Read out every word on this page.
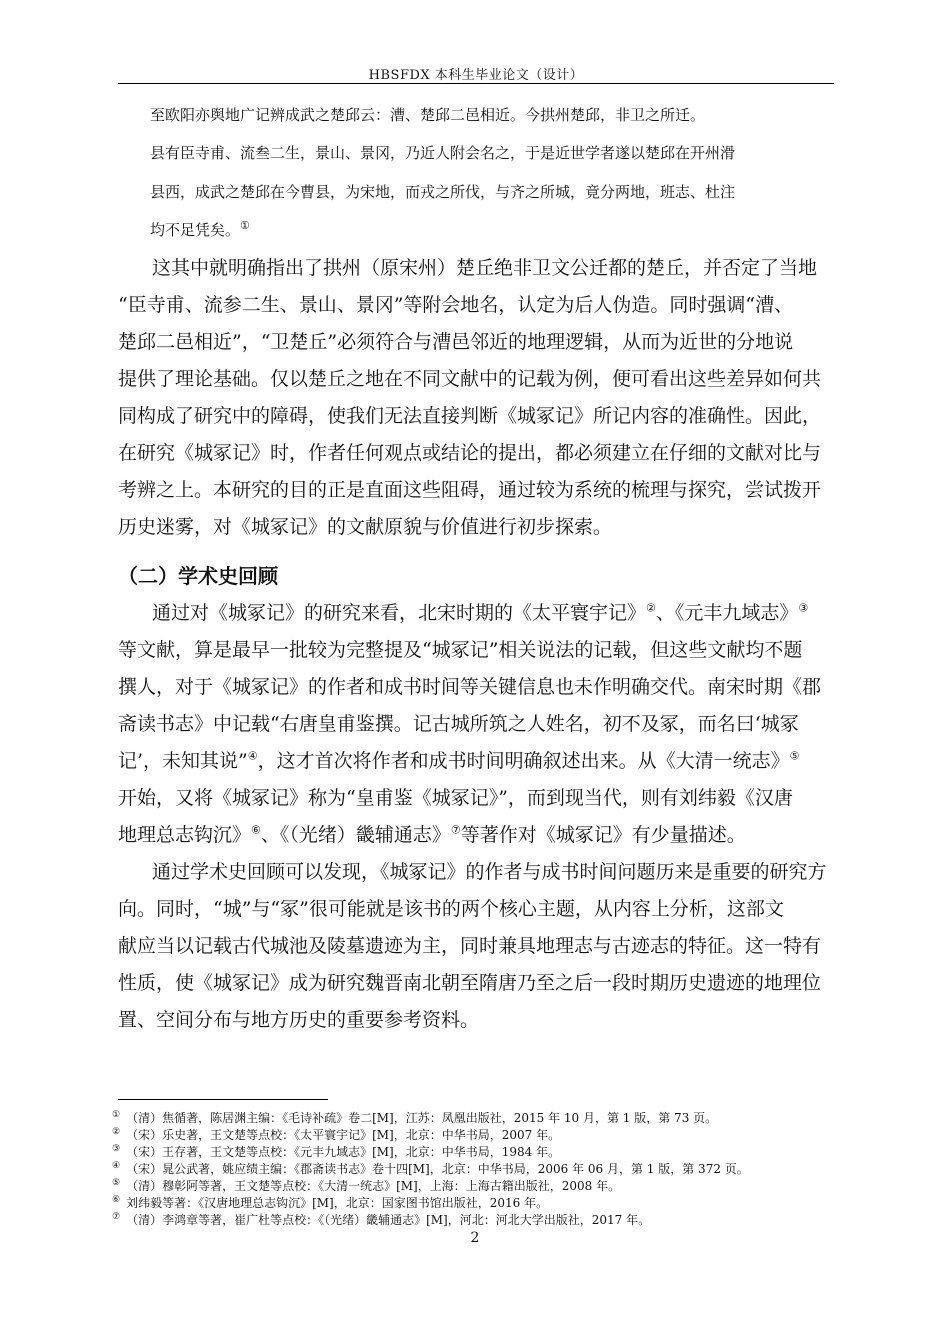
HBSFDX 本科生毕业论文（设计）
至欧阳亦舆地广记辨成武之楚邱云：漕、楚邱二邑相近。今拱州楚邱，非卫之所迁。
县有臣寺甫、流叁二生，景山、景冈，乃近人附会名之，于是近世学者遂以楚邱在开州滑
县西，成武之楚邱在今曹县，为宋地，而戎之所伐，与齐之所城，竟分两地，班志、杜注
均不足凭矣。①
这其中就明确指出了拱州（原宋州）楚丘绝非卫文公迁都的楚丘，并否定了当地
“臣寺甫、流参二生、景山、景冈”等附会地名，认定为后人伪造。同时强调“漕、
楚邱二邑相近”，“卫楚丘”必须符合与漕邑邻近的地理逻辑，从而为近世的分地说
提供了理论基础。仅以楚丘之地在不同文献中的记载为例，便可看出这些差异如何共
同构成了研究中的障碍，使我们无法直接判断《城冢记》所记内容的准确性。因此，
在研究《城冢记》时，作者任何观点或结论的提出，都必须建立在仔细的文献对比与
考辨之上。本研究的目的正是直面这些阻碍，通过较为系统的梳理与探究，尝试拨开
历史迷雾，对《城冢记》的文献原貌与价值进行初步探索。
（二）学术史回顾
通过对《城冢记》的研究来看，北宋时期的《太平寰宇记》②、《元丰九域志》③
等文献，算是最早一批较为完整提及“城冢记”相关说法的记载，但这些文献均不题
撰人，对于《城冢记》的作者和成书时间等关键信息也未作明确交代。南宋时期《郡
斋读书志》中记载“右唐皇甫鉴撰。记古城所筑之人姓名，初不及冢，而名曰‘城冢
记’，未知其说”④，这才首次将作者和成书时间明确叙述出来。从《大清一统志》⑤
开始，又将《城冢记》称为“皇甫鉴《城冢记》”，而到现当代，则有刘纬毅《汉唐
地理总志钩沉》⑥、《（光绪）畿辅通志》⑦等著作对《城冢记》有少量描述。
通过学术史回顾可以发现，《城冢记》的作者与成书时间问题历来是重要的研究方
向。同时，“城”与“冢”很可能就是该书的两个核心主题，从内容上分析，这部文
献应当以记载古代城池及陵墓遗迹为主，同时兼具地理志与古迹志的特征。这一特有
性质，使《城冢记》成为研究魏晋南北朝至隋唐乃至之后一段时期历史遗迹的地理位
置、空间分布与地方历史的重要参考资料。
① （清）焦循著，陈居渊主编：《毛诗补疏》卷二[M]，江苏：凤凰出版社，2015 年 10 月，第 1 版，第 73 页。
② （宋）乐史著，王文楚等点校：《太平寰宇记》[M]，北京：中华书局，2007 年。
③ （宋）王存著，王文楚等点校：《元丰九域志》[M]，北京：中华书局，1984 年。
④ （宋）晁公武著，姚应绩主编：《郡斋读书志》卷十四[M]，北京：中华书局，2006 年 06 月，第 1 版，第 372 页。
⑤ （清）穆彰阿等著，王文楚等点校：《大清一统志》[M]，上海：上海古籍出版社，2008 年。
⑥ 刘纬毅等著：《汉唐地理总志钩沉》[M]，北京：国家图书馆出版社，2016 年。
⑦ （清）李鸿章等著，崔广杜等点校：《（光绪）畿辅通志》[M]，河北：河北大学出版社，2017 年。
2
